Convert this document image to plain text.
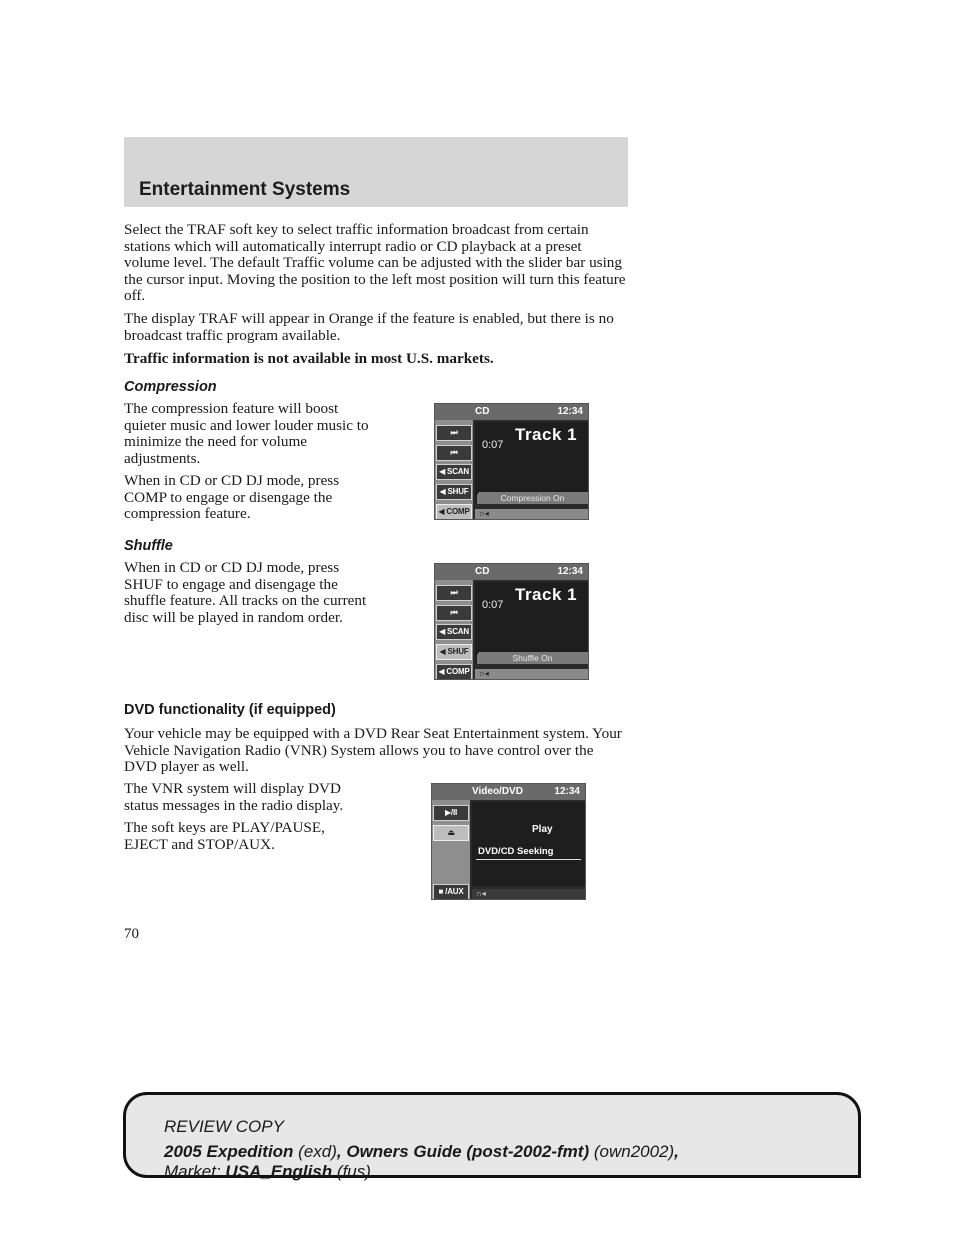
Entertainment Systems

Select the TRAF soft key to select traffic information broadcast from certain stations which will automatically interrupt radio or CD playback at a preset volume level. The default Traffic volume can be adjusted with the slider bar using the cursor input. Moving the position to the left most position will turn this feature off.

The display TRAF will appear in Orange if the feature is enabled, but there is no broadcast traffic program available.

Traffic information is not available in most U.S. markets.

Compression

The compression feature will boost quieter music and lower louder music to minimize the need for volume adjustments.

When in CD or CD DJ mode, press COMP to engage or disengage the compression feature.

CD	12:34
⏭
⏮
◀ SCAN
◀ SHUF
◀ COMP
Track 1
0:07
Compression On
∩◂
Shuffle

When in CD or CD DJ mode, press SHUF to engage and disengage the shuffle feature. All tracks on the current disc will be played in random order.

CD	12:34
⏭
⏮
◀ SCAN
◀ SHUF
◀ COMP
Track 1
0:07
Shuffle On
∩◂
DVD functionality (if equipped)

Your vehicle may be equipped with a DVD Rear Seat Entertainment system. Your Vehicle Navigation Radio (VNR) System allows you to have control over the DVD player as well.

The VNR system will display DVD status messages in the radio display.

The soft keys are PLAY/PAUSE, EJECT and STOP/AUX.

Video/DVD	12:34
▶/II
⏏
■ /AUX
Play
DVD/CD Seeking
∩◂

70

REVIEW COPY

2005 Expedition (exd), Owners Guide (post-2002-fmt) (own2002),

Market: USA_English (fus)
